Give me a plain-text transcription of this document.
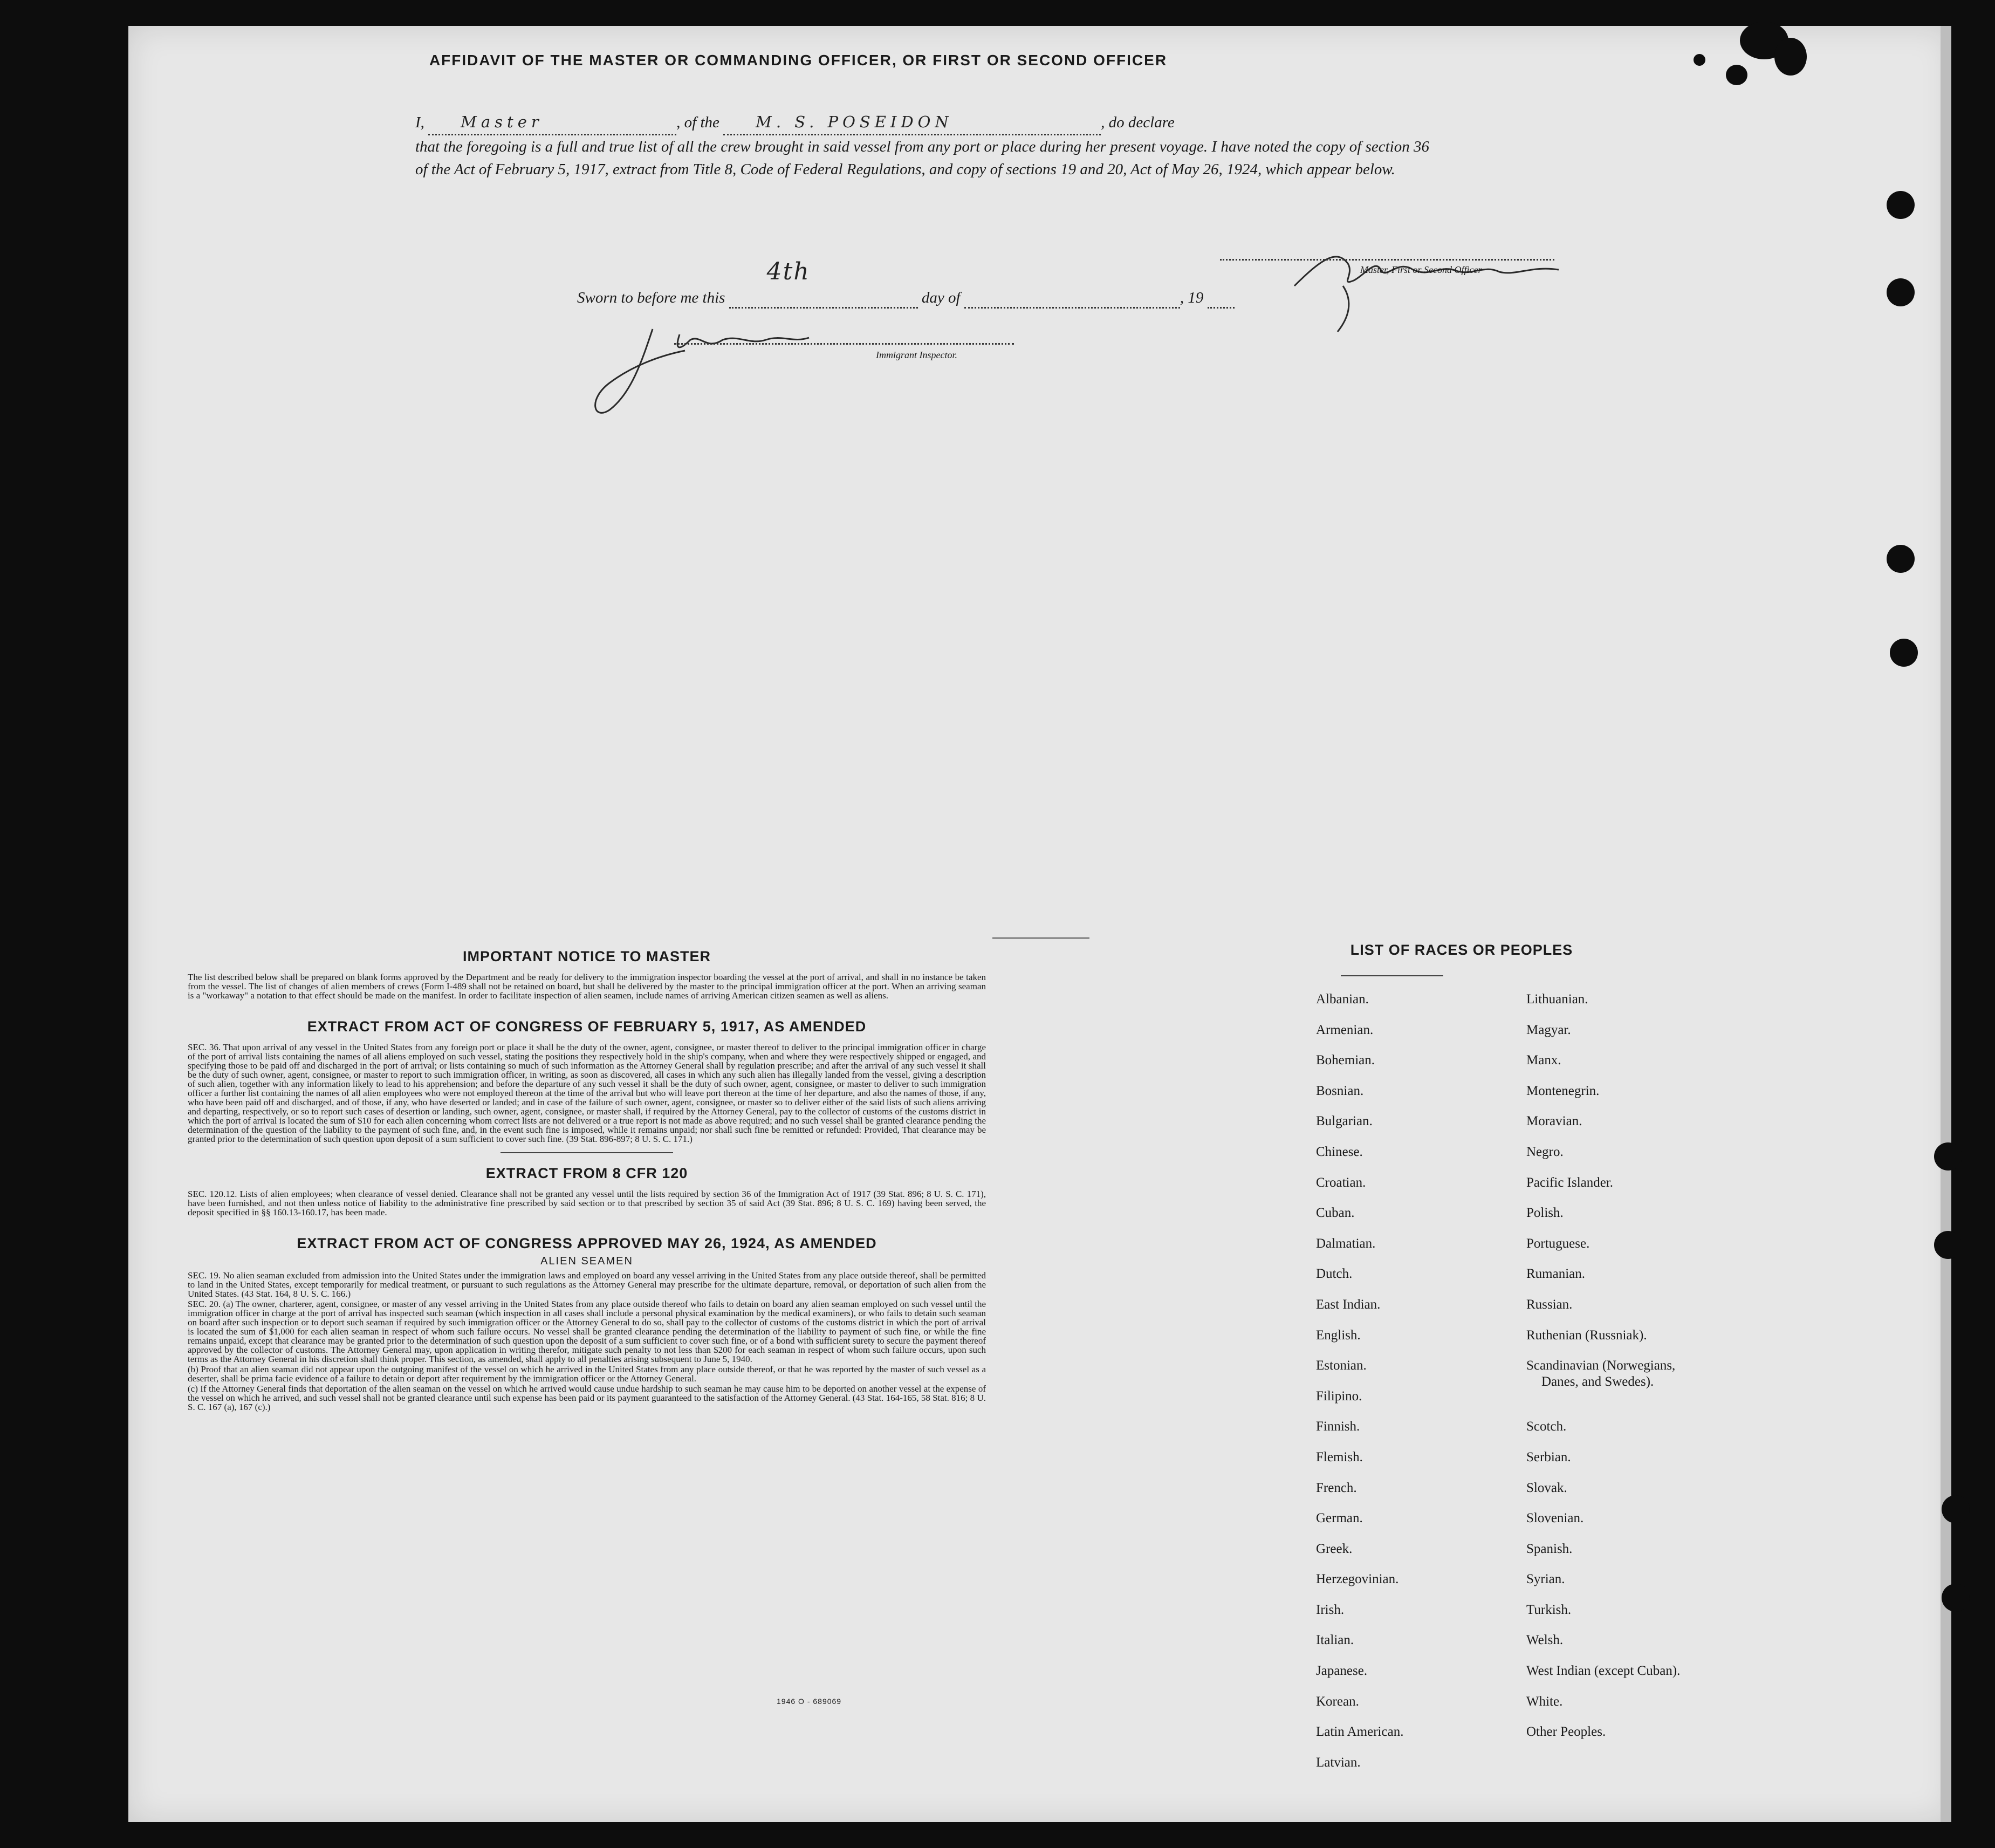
AFFIDAVIT OF THE MASTER OR COMMANDING OFFICER, OR FIRST OR SECOND OFFICER
I, Master	, of the M. S. POSEIDON	, do declare
that the foregoing is a full and true list of all the crew brought in said vessel from any port or place during her present voyage. I have noted the copy of section 36 of the Act of February 5, 1917, extract from Title 8, Code of Federal Regulations, and copy of sections 19 and 20, Act of May 26, 1924, which appear below.
Master, First or Second Officer
Sworn to before me this
4th
day of	, 19
Immigrant Inspector.

IMPORTANT NOTICE TO MASTER

The list described below shall be prepared on blank forms approved by the Department and be ready for delivery to the immigration inspector boarding the vessel at the port of arrival, and shall in no instance be taken from the vessel. The list of changes of alien members of crews (Form I-489 shall not be retained on board, but shall be delivered by the master to the principal immigration officer at the port. When an arriving seaman is a "workaway" a notation to that effect should be made on the manifest. In order to facilitate inspection of alien seamen, include names of arriving American citizen seamen as well as aliens.

EXTRACT FROM ACT OF CONGRESS OF FEBRUARY 5, 1917, AS AMENDED

SEC. 36. That upon arrival of any vessel in the United States from any foreign port or place it shall be the duty of the owner, agent, consignee, or master thereof to deliver to the principal immigration officer in charge of the port of arrival lists containing the names of all aliens employed on such vessel, stating the positions they respectively hold in the ship's company, when and where they were respectively shipped or engaged, and specifying those to be paid off and discharged in the port of arrival; or lists containing so much of such information as the Attorney General shall by regulation prescribe; and after the arrival of any such vessel it shall be the duty of such owner, agent, consignee, or master to report to such immigration officer, in writing, as soon as discovered, all cases in which any such alien has illegally landed from the vessel, giving a description of such alien, together with any information likely to lead to his apprehension; and before the departure of any such vessel it shall be the duty of such owner, agent, consignee, or master to deliver to such immigration officer a further list containing the names of all alien employees who were not employed thereon at the time of the arrival but who will leave port thereon at the time of her departure, and also the names of those, if any, who have been paid off and discharged, and of those, if any, who have deserted or landed; and in case of the failure of such owner, agent, consignee, or master so to deliver either of the said lists of such aliens arriving and departing, respectively, or so to report such cases of desertion or landing, such owner, agent, consignee, or master shall, if required by the Attorney General, pay to the collector of customs of the customs district in which the port of arrival is located the sum of $10 for each alien concerning whom correct lists are not delivered or a true report is not made as above required; and no such vessel shall be granted clearance pending the determination of the question of the liability to the payment of such fine, and, in the event such fine is imposed, while it remains unpaid; nor shall such fine be remitted or refunded: Provided, That clearance may be granted prior to the determination of such question upon deposit of a sum sufficient to cover such fine. (39 Stat. 896-897; 8 U. S. C. 171.)

EXTRACT FROM 8 CFR 120

SEC. 120.12. Lists of alien employees; when clearance of vessel denied. Clearance shall not be granted any vessel until the lists required by section 36 of the Immigration Act of 1917 (39 Stat. 896; 8 U. S. C. 171), have been furnished, and not then unless notice of liability to the administrative fine prescribed by said section or to that prescribed by section 35 of said Act (39 Stat. 896; 8 U. S. C. 169) having been served, the deposit specified in §§ 160.13-160.17, has been made.

EXTRACT FROM ACT OF CONGRESS APPROVED MAY 26, 1924, AS AMENDED

ALIEN SEAMEN

SEC. 19. No alien seaman excluded from admission into the United States under the immigration laws and employed on board any vessel arriving in the United States from any place outside thereof, shall be permitted to land in the United States, except temporarily for medical treatment, or pursuant to such regulations as the Attorney General may prescribe for the ultimate departure, removal, or deportation of such alien from the United States. (43 Stat. 164, 8 U. S. C. 166.)

SEC. 20. (a) The owner, charterer, agent, consignee, or master of any vessel arriving in the United States from any place outside thereof who fails to detain on board any alien seaman employed on such vessel until the immigration officer in charge at the port of arrival has inspected such seaman (which inspection in all cases shall include a personal physical examination by the medical examiners), or who fails to detain such seaman on board after such inspection or to deport such seaman if required by such immigration officer or the Attorney General to do so, shall pay to the collector of customs of the customs district in which the port of arrival is located the sum of $1,000 for each alien seaman in respect of whom such failure occurs. No vessel shall be granted clearance pending the determination of the liability to payment of such fine, or while the fine remains unpaid, except that clearance may be granted prior to the determination of such question upon the deposit of a sum sufficient to cover such fine, or of a bond with sufficient surety to secure the payment thereof approved by the collector of customs. The Attorney General may, upon application in writing therefor, mitigate such penalty to not less than $200 for each seaman in respect of whom such failure occurs, upon such terms as the Attorney General in his discretion shall think proper. This section, as amended, shall apply to all penalties arising subsequent to June 5, 1940.

(b) Proof that an alien seaman did not appear upon the outgoing manifest of the vessel on which he arrived in the United States from any place outside thereof, or that he was reported by the master of such vessel as a deserter, shall be prima facie evidence of a failure to detain or deport after requirement by the immigration officer or the Attorney General.

(c) If the Attorney General finds that deportation of the alien seaman on the vessel on which he arrived would cause undue hardship to such seaman he may cause him to be deported on another vessel at the expense of the vessel on which he arrived, and such vessel shall not be granted clearance until such expense has been paid or its payment guaranteed to the satisfaction of the Attorney General. (43 Stat. 164-165, 58 Stat. 816; 8 U. S. C. 167 (a), 167 (c).)

1946 O - 689069
LIST OF RACES OR PEOPLES
Albanian.
Armenian.
Bohemian.
Bosnian.
Bulgarian.
Chinese.
Croatian.
Cuban.
Dalmatian.
Dutch.
East Indian.
English.
Estonian.
Filipino.
Finnish.
Flemish.
French.
German.
Greek.
Herzegovinian.
Irish.
Italian.
Japanese.
Korean.
Latin American.
Latvian.
Lithuanian.
Magyar.
Manx.
Montenegrin.
Moravian.
Negro.
Pacific Islander.
Polish.
Portuguese.
Rumanian.
Russian.
Ruthenian (Russniak).
Scandinavian (Norwegians,
Danes, and Swedes).
Scotch.
Serbian.
Slovak.
Slovenian.
Spanish.
Syrian.
Turkish.
Welsh.
West Indian (except Cuban).
White.
Other Peoples.
